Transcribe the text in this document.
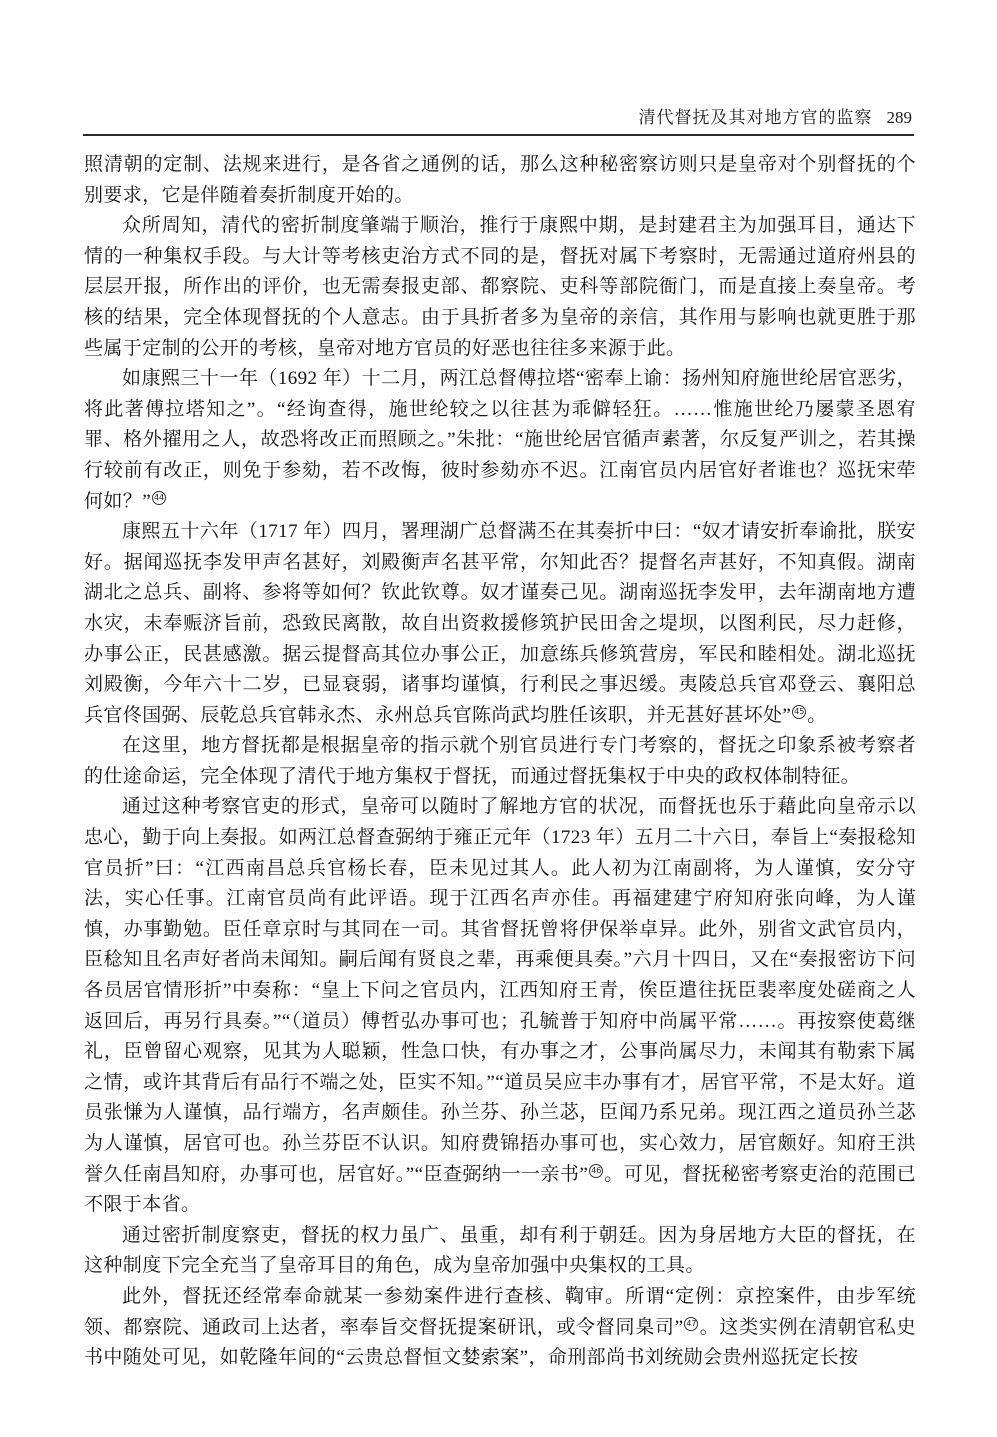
清代督抚及其对地方官的监察 289

照清朝的定制、法规来进行，是各省之通例的话，那么这种秘密察访则只是皇帝对个别督抚的个别要求，它是伴随着奏折制度开始的。

众所周知，清代的密折制度肇端于顺治，推行于康熙中期，是封建君主为加强耳目，通达下情的一种集权手段。与大计等考核吏治方式不同的是，督抚对属下考察时，无需通过道府州县的层层开报，所作出的评价，也无需奏报吏部、都察院、吏科等部院衙门，而是直接上奏皇帝。考核的结果，完全体现督抚的个人意志。由于具折者多为皇帝的亲信，其作用与影响也就更胜于那些属于定制的公开的考核，皇帝对地方官员的好恶也往往多来源于此。

如康熙三十一年（1692 年）十二月，两江总督傅拉塔“密奉上谕：扬州知府施世纶居官恶劣，将此著傅拉塔知之”。“经询查得，施世纶较之以往甚为乖僻轻狂。……惟施世纶乃屡蒙圣恩宥罪、格外擢用之人，故恐将改正而照顾之。”朱批：“施世纶居官循声素著，尔反复严训之，若其操行较前有改正，则免于参劾，若不改悔，彼时参劾亦不迟。江南官员内居官好者谁也？巡抚宋荦何如？” 44

康熙五十六年（1717 年）四月，署理湖广总督满丕在其奏折中曰：“奴才请安折奉谕批，朕安好。据闻巡抚李发甲声名甚好，刘殿衡声名甚平常，尔知此否？提督名声甚好，不知真假。湖南湖北之总兵、副将、参将等如何？钦此钦尊。奴才谨奏己见。湖南巡抚李发甲，去年湖南地方遭水灾，未奉赈济旨前，恐致民离散，故自出资救援修筑护民田舍之堤坝，以图利民，尽力赶修，办事公正，民甚感激。据云提督高其位办事公正，加意练兵修筑营房，军民和睦相处。湖北巡抚刘殿衡，今年六十二岁，已显衰弱，诸事均谨慎，行利民之事迟缓。夷陵总兵官邓登云、襄阳总兵官佟国弼、辰乾总兵官韩永杰、永州总兵官陈尚武均胜任该职，并无甚好甚坏处” 45 。

在这里，地方督抚都是根据皇帝的指示就个别官员进行专门考察的，督抚之印象系被考察者的仕途命运，完全体现了清代于地方集权于督抚，而通过督抚集权于中央的政权体制特征。

通过这种考察官吏的形式，皇帝可以随时了解地方官的状况，而督抚也乐于藉此向皇帝示以忠心，勤于向上奏报。如两江总督查弼纳于雍正元年（1723 年）五月二十六日，奉旨上“奏报稔知官员折”曰：“江西南昌总兵官杨长春，臣未见过其人。此人初为江南副将，为人谨慎，安分守法，实心任事。江南官员尚有此评语。现于江西名声亦佳。再福建建宁府知府张向峰，为人谨慎，办事勤勉。臣任章京时与其同在一司。其省督抚曾将伊保举卓异。此外，别省文武官员内，臣稔知且名声好者尚未闻知。嗣后闻有贤良之辈，再乘便具奏。”六月十四日，又在“奏报密访下问各员居官情形折”中奏称：“皇上下问之官员内，江西知府王青，俟臣遣往抚臣裴率度处磋商之人返回后，再另行具奏。”“（道员）傅哲弘办事可也；孔毓普于知府中尚属平常……。再按察使葛继礼，臣曾留心观察，见其为人聪颖，性急口快，有办事之才，公事尚属尽力，未闻其有勒索下属之情，或许其背后有品行不端之处，臣实不知。”“道员吴应丰办事有才，居官平常，不是太好。道员张慊为人谨慎，品行端方，名声颇佳。孙兰芬、孙兰苾，臣闻乃系兄弟。现江西之道员孙兰苾为人谨慎，居官可也。孙兰芬臣不认识。知府费锦捂办事可也，实心效力，居官颇好。知府王洪誉久任南昌知府，办事可也，居官好。”“臣查弼纳一一亲书” 46 。可见，督抚秘密考察吏治的范围已不限于本省。

通过密折制度察吏，督抚的权力虽广、虽重，却有利于朝廷。因为身居地方大臣的督抚，在这种制度下完全充当了皇帝耳目的角色，成为皇帝加强中央集权的工具。

此外，督抚还经常奉命就某一参劾案件进行查核、鞫审。所谓“定例：京控案件，由步军统领、都察院、通政司上达者，率奉旨交督抚提案研讯，或令督同臬司” 47 。这类实例在清朝官私史书中随处可见，如乾隆年间的“云贵总督恒文婪索案”，命刑部尚书刘统勋会贵州巡抚定长按
